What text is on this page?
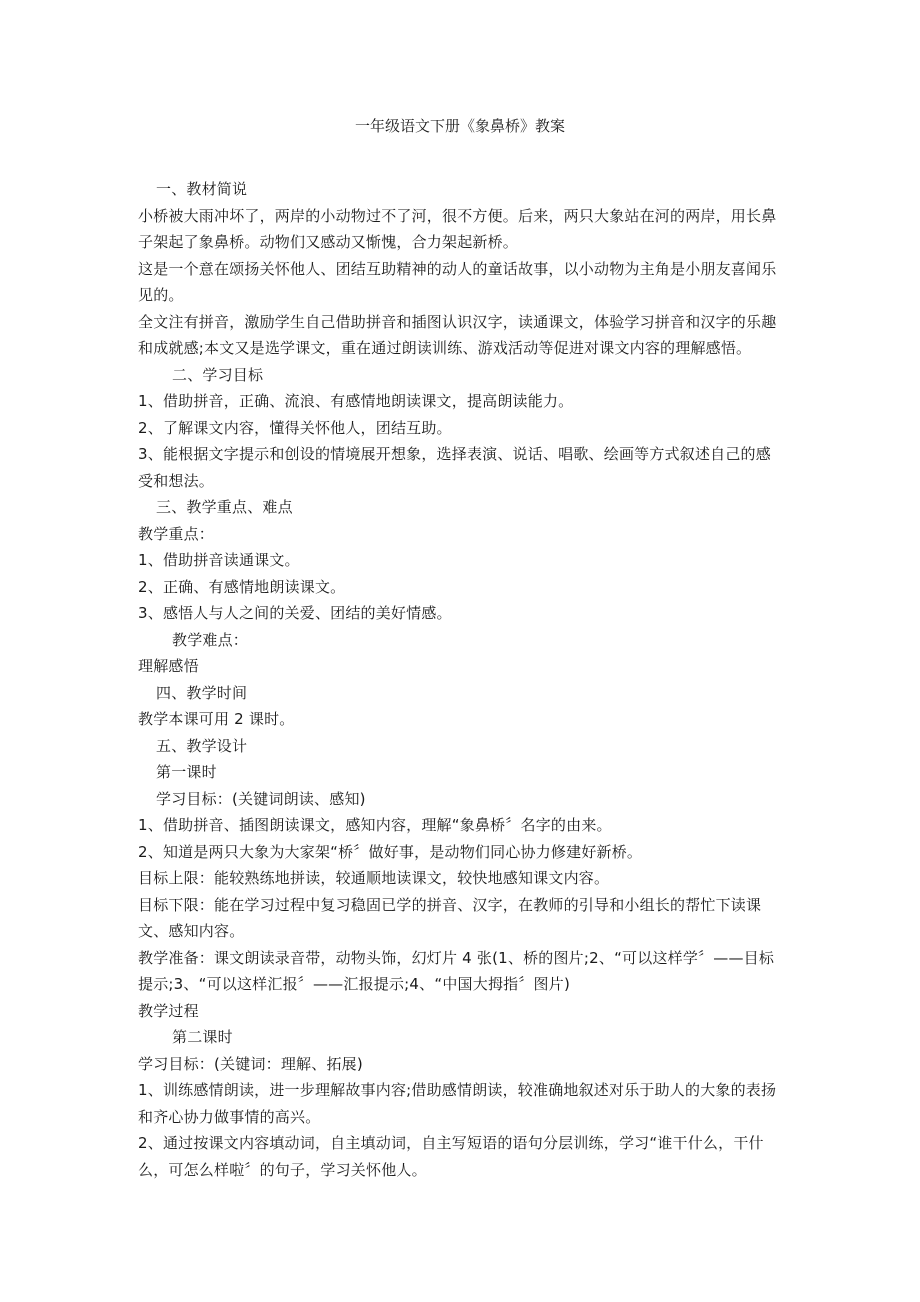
一年级语文下册《象鼻桥》教案

一、教材简说

小桥被大雨冲坏了，两岸的小动物过不了河，很不方便。后来，两只大象站在河的两岸，用长鼻子架起了象鼻桥。动物们又感动又惭愧，合力架起新桥。

这是一个意在颂扬关怀他人、团结互助精神的动人的童话故事，以小动物为主角是小朋友喜闻乐见的。

全文注有拼音，激励学生自己借助拼音和插图认识汉字，读通课文，体验学习拼音和汉字的乐趣和成就感;本文又是选学课文，重在通过朗读训练、游戏活动等促进对课文内容的理解感悟。

二、学习目标

1、借助拼音，正确、流浪、有感情地朗读课文，提高朗读能力。

2、了解课文内容，懂得关怀他人，团结互助。

3、能根据文字提示和创设的情境展开想象，选择表演、说话、唱歌、绘画等方式叙述自己的感受和想法。

三、教学重点、难点

教学重点：

1、借助拼音读通课文。

2、正确、有感情地朗读课文。

3、感悟人与人之间的关爱、团结的美好情感。

教学难点：

理解感悟

四、教学时间

教学本课可用 2 课时。

五、教学设计

第一课时

学习目标：(关键词朗读、感知)

1、借助拼音、插图朗读课文，感知内容，理解“象鼻桥〞名字的由来。

2、知道是两只大象为大家架“桥〞做好事，是动物们同心协力修建好新桥。

目标上限：能较熟练地拼读，较通顺地读课文，较快地感知课文内容。

目标下限：能在学习过程中复习稳固已学的拼音、汉字，在教师的引导和小组长的帮忙下读课文、感知内容。

教学准备：课文朗读录音带，动物头饰，幻灯片 4 张(1、桥的图片;2、“可以这样学〞——目标提示;3、“可以这样汇报〞——汇报提示;4、“中国大拇指〞图片)

教学过程

第二课时

学习目标：(关键词：理解、拓展)

1、训练感情朗读，进一步理解故事内容;借助感情朗读，较准确地叙述对乐于助人的大象的表扬和齐心协力做事情的高兴。

2、通过按课文内容填动词，自主填动词，自主写短语的语句分层训练，学习“谁干什么，干什么，可怎么样啦〞的句子，学习关怀他人。
